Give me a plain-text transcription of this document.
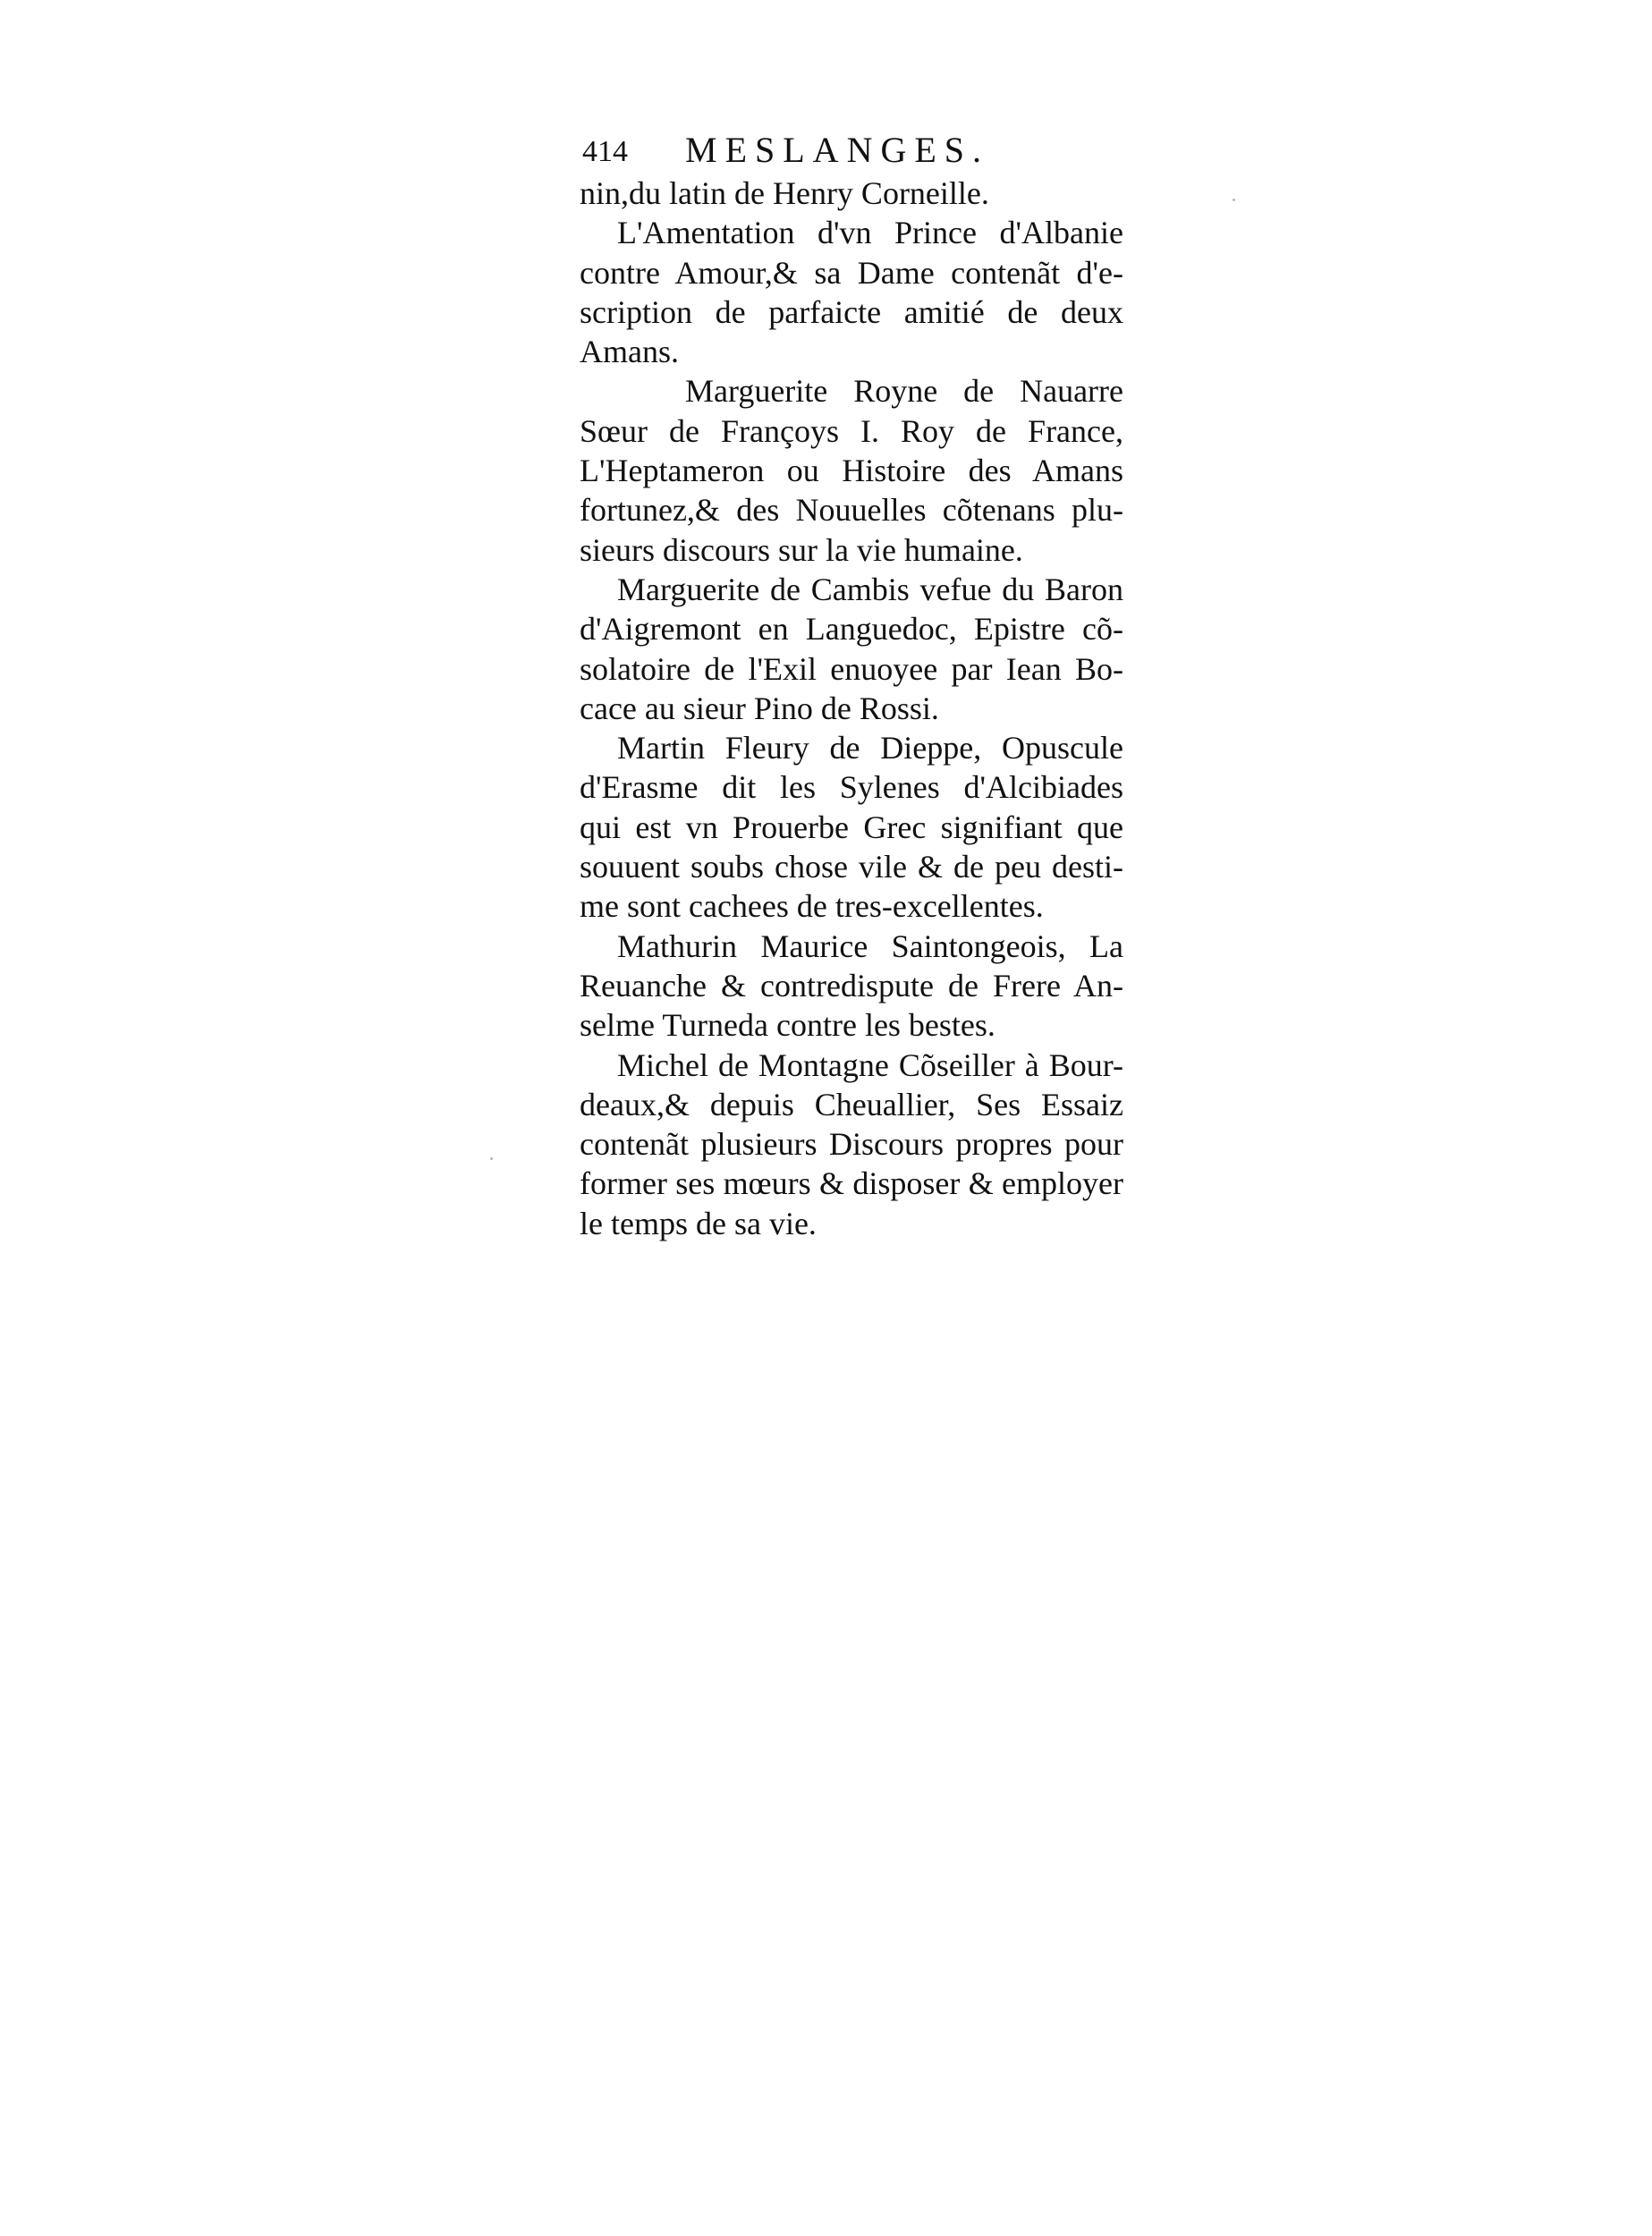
414 MESLANGES.
nin,du latin de Henry Corneille.
L'Amentation d'vn Prince d'Albanie
contre Amour,& sa Dame contenãt d'e-
scription de parfaicte amitié de deux
Amans.
Marguerite Royne de Nauarre
Sœur de Françoys I. Roy de France,
L'Heptameron ou Histoire des Amans
fortunez,& des Nouuelles cõtenans plu-
sieurs discours sur la vie humaine.
Marguerite de Cambis vefue du Baron
d'Aigremont en Languedoc, Epistre cõ-
solatoire de l'Exil enuoyee par Iean Bo-
cace au sieur Pino de Rossi.
Martin Fleury de Dieppe, Opuscule
d'Erasme dit les Sylenes d'Alcibiades
qui est vn Prouerbe Grec signifiant que
souuent soubs chose vile & de peu desti-
me sont cachees de tres-excellentes.
Mathurin Maurice Saintongeois, La
Reuanche & contredispute de Frere An-
selme Turneda contre les bestes.
Michel de Montagne Cõseiller à Bour-
deaux,& depuis Cheuallier, Ses Essaiz
contenãt plusieurs Discours propres pour
former ses mœurs & disposer & employer
le temps de sa vie.
